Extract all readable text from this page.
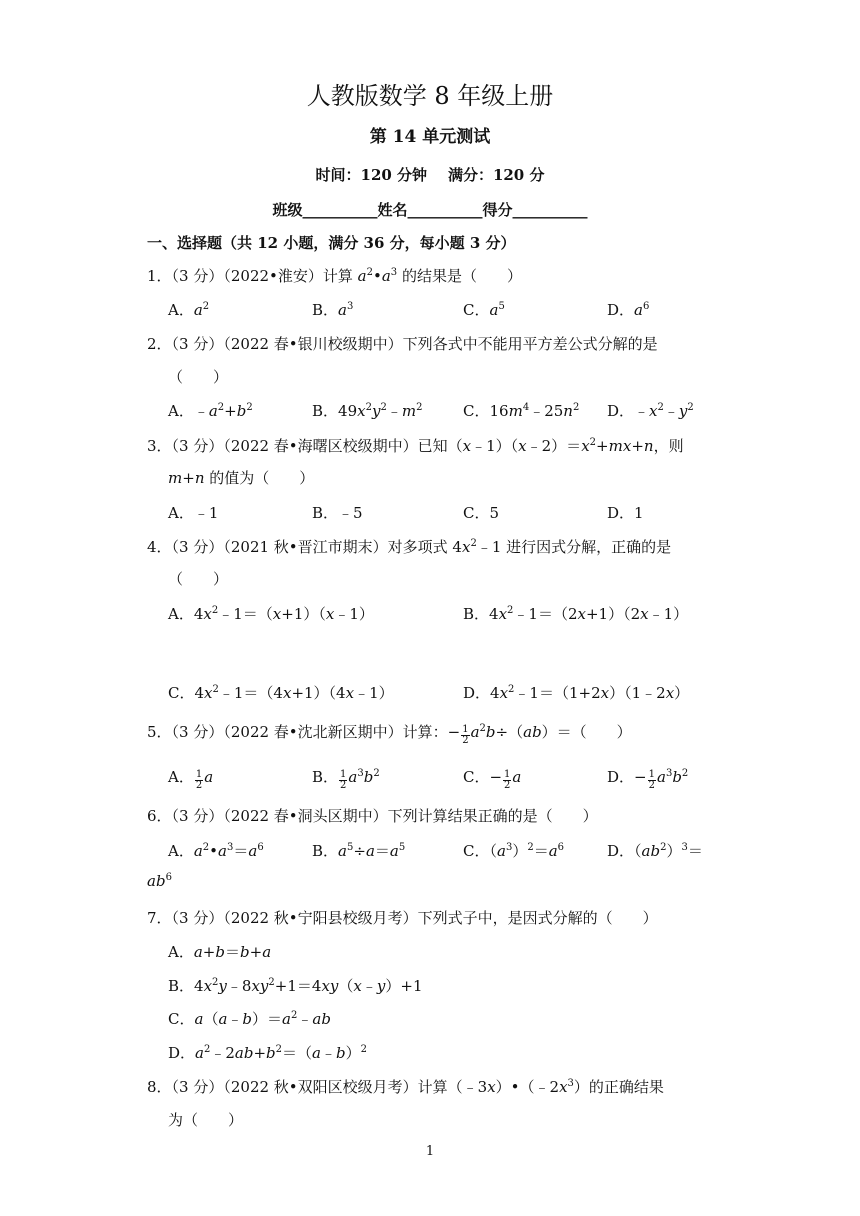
人教版数学 8 年级上册
第 14 单元测试
时间：120 分钟    满分：120 分
班级__________姓名__________得分__________
一、选择题（共 12 小题，满分 36 分，每小题 3 分）
1．（3 分）（2022•淮安）计算 $a^2•a^3$ 的结果是（　　）
A．$a^2$	B．$a^3$	C．$a^5$	D．$a^6$
2．（3 分）（2022 春•银川校级期中）下列各式中不能用平方差公式分解的是
（　　）
A．$﹣a^2+b^2$	B．$49x^2y^2﹣m^2$	C．$16m^4﹣25n^2$ D．$﹣x^2﹣y^2$
3．（3 分）（2022 春•海曙区校级期中）已知$(x﹣1)(x﹣2)=x^2+mx+n$，则
m+n 的值为（　　）
A．﹣1	B．﹣5	C．5	D．1
4．（3 分）（2021 秋•晋江市期末）对多项式 $4x^2﹣1$ 进行因式分解，正确的是
（　　）
A．$4x^2﹣1=(x+1)(x﹣1)$	B．$4x^2﹣1=(2x+1)(2x﹣1)$
C．$4x^2﹣1=(4x+1)(4x﹣1)$	D．$4x^2﹣1=(1+2x)(1﹣2x)$
5．（3 分）（2022 春•沈北新区期中）计算：− $\frac{1}{2} a^2b\div(ab)=$（　　）
A． $\frac{1}{2}$ a	B． $\frac{1}{2} a^3b^2$	C．− $\frac{1}{2}$ a	D．− $\frac{1}{2} a^3b^2$
6．（3 分）（2022 春•洞头区期中）下列计算结果正确的是（　　）
A．$a^2•a^3=a^6$	B．$a^5\div a=a^5$	C．$(a^3)^2=a^6$	D．$(ab^2)^3=$
$ab^6$
7．（3 分）（2022 秋•宁阳县校级月考）下列式子中，是因式分解的（　　）
A．a+b＝b+a
B．$4x^2y﹣8xy^2+1=4xy(x﹣y)+1$
C．$a(a﹣b)=a^2﹣ab$
D．$a^2﹣2ab+b^2=(a﹣b)^2$
8．（3 分）（2022 秋•双阳区校级月考）计算$(﹣3x)•(﹣2x^3)$的正确结果
为（　　）
1
